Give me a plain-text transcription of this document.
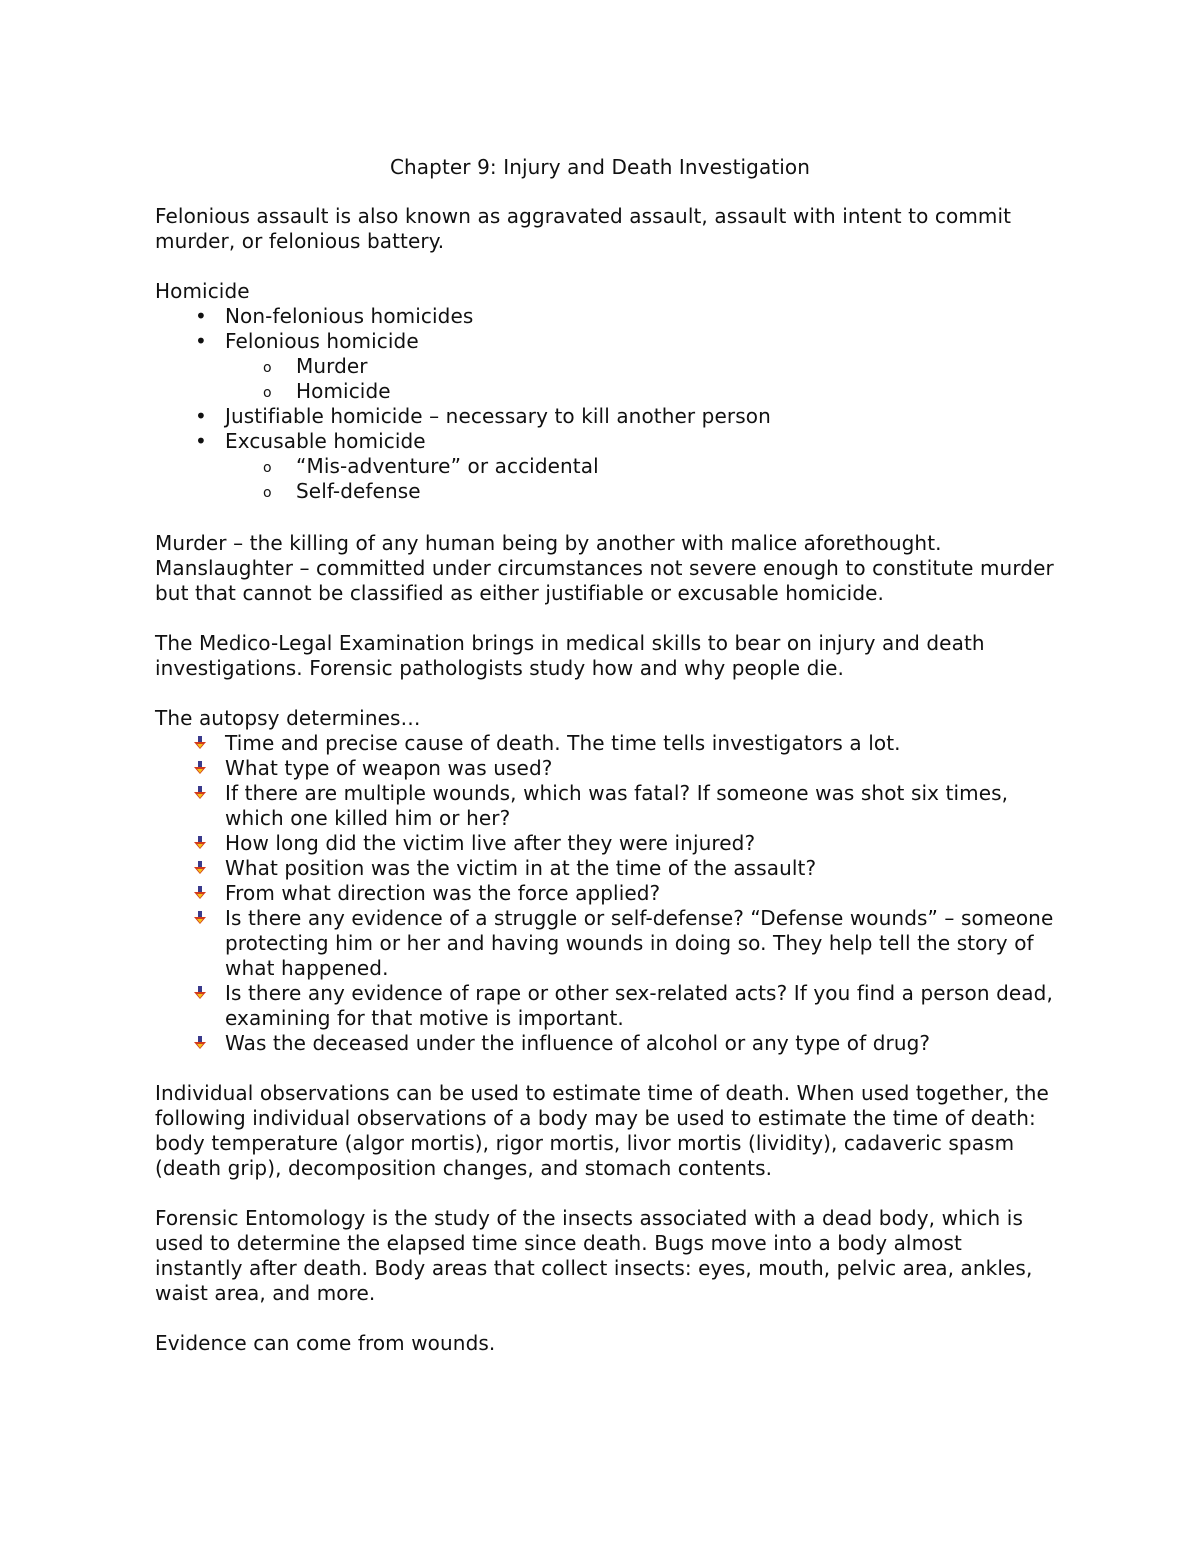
Chapter 9: Injury and Death Investigation

Felonious assault is also known as aggravated assault, assault with intent to commit murder, or felonious battery.

Homicide

• Non-felonious homicides
• Felonious homicide
o	Murder
o	Homicide
• Justifiable homicide – necessary to kill another person
• Excusable homicide
o	“Mis-adventure” or accidental
o	Self-defense

Murder – the killing of any human being by another with malice aforethought.

Manslaughter – committed under circumstances not severe enough to constitute murder but that cannot be classified as either justifiable or excusable homicide.

The Medico-Legal Examination brings in medical skills to bear on injury and death investigations. Forensic pathologists study how and why people die.

The autopsy determines…

Time and precise cause of death. The time tells investigators a lot.
What type of weapon was used?
If there are multiple wounds, which was fatal? If someone was shot six times, which one killed him or her?
How long did the victim live after they were injured?
What position was the victim in at the time of the assault?
From what direction was the force applied?
Is there any evidence of a struggle or self-defense? “Defense wounds” – someone protecting him or her and having wounds in doing so. They help tell the story of what happened.
Is there any evidence of rape or other sex-related acts? If you find a person dead, examining for that motive is important.
Was the deceased under the influence of alcohol or any type of drug?

Individual observations can be used to estimate time of death. When used together, the following individual observations of a body may be used to estimate the time of death: body temperature (algor mortis), rigor mortis, livor mortis (lividity), cadaveric spasm (death grip), decomposition changes, and stomach contents.

Forensic Entomology is the study of the insects associated with a dead body, which is used to determine the elapsed time since death. Bugs move into a body almost instantly after death. Body areas that collect insects: eyes, mouth, pelvic area, ankles, waist area, and more.

Evidence can come from wounds.
